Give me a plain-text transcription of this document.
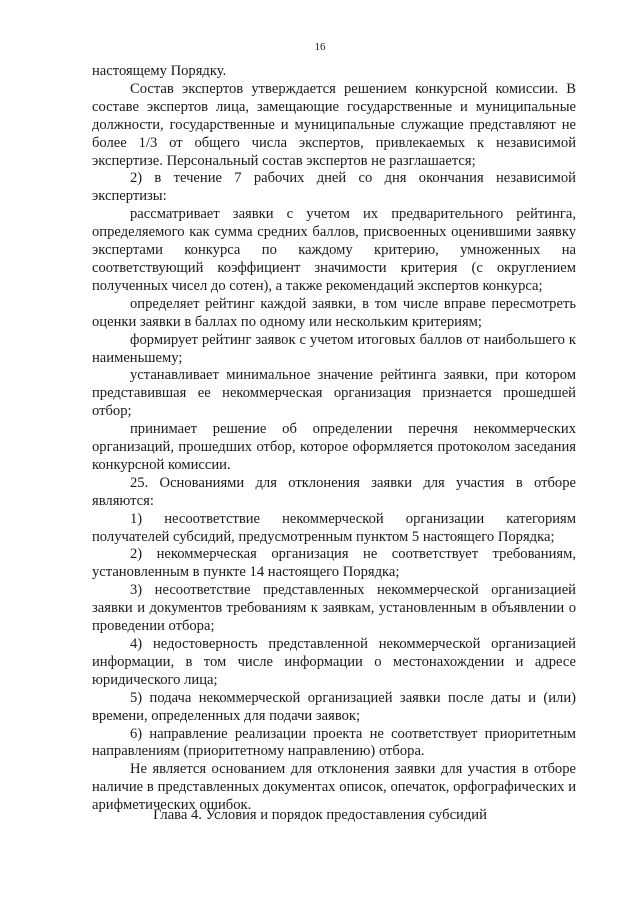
16

настоящему Порядку.

Состав экспертов утверждается решением конкурсной комиссии. В составе экспертов лица, замещающие государственные и муниципальные должности, государственные и муниципальные служащие представляют не более 1/3 от общего числа экспертов, привлекаемых к независимой экспертизе. Персональный состав экспертов не разглашается;

2) в течение 7 рабочих дней со дня окончания независимой экспертизы:

рассматривает заявки с учетом их предварительного рейтинга, определяемого как сумма средних баллов, присвоенных оценившими заявку экспертами конкурса по каждому критерию, умноженных на соответствующий коэффициент значимости критерия (с округлением полученных чисел до сотен), а также рекомендаций экспертов конкурса;

определяет рейтинг каждой заявки, в том числе вправе пересмотреть оценки заявки в баллах по одному или нескольким критериям;

формирует рейтинг заявок с учетом итоговых баллов от наибольшего к наименьшему;

устанавливает минимальное значение рейтинга заявки, при котором представившая ее некоммерческая организация признается прошедшей отбор;

принимает решение об определении перечня некоммерческих организаций, прошедших отбор, которое оформляется протоколом заседания конкурсной комиссии.

25. Основаниями для отклонения заявки для участия в отборе являются:

1) несоответствие некоммерческой организации категориям получателей субсидий, предусмотренным пунктом 5 настоящего Порядка;

2) некоммерческая организация не соответствует требованиям, установленным в пункте 14 настоящего Порядка;

3) несоответствие представленных некоммерческой организацией заявки и документов требованиям к заявкам, установленным в объявлении о проведении отбора;

4) недостоверность представленной некоммерческой организацией информации, в том числе информации о местонахождении и адресе юридического лица;

5) подача некоммерческой организацией заявки после даты и (или) времени, определенных для подачи заявок;

6) направление реализации проекта не соответствует приоритетным направлениям (приоритетному направлению) отбора.

Не является основанием для отклонения заявки для участия в отборе наличие в представленных документах описок, опечаток, орфографических и арифметических ошибок.

Глава 4. Условия и порядок предоставления субсидий
